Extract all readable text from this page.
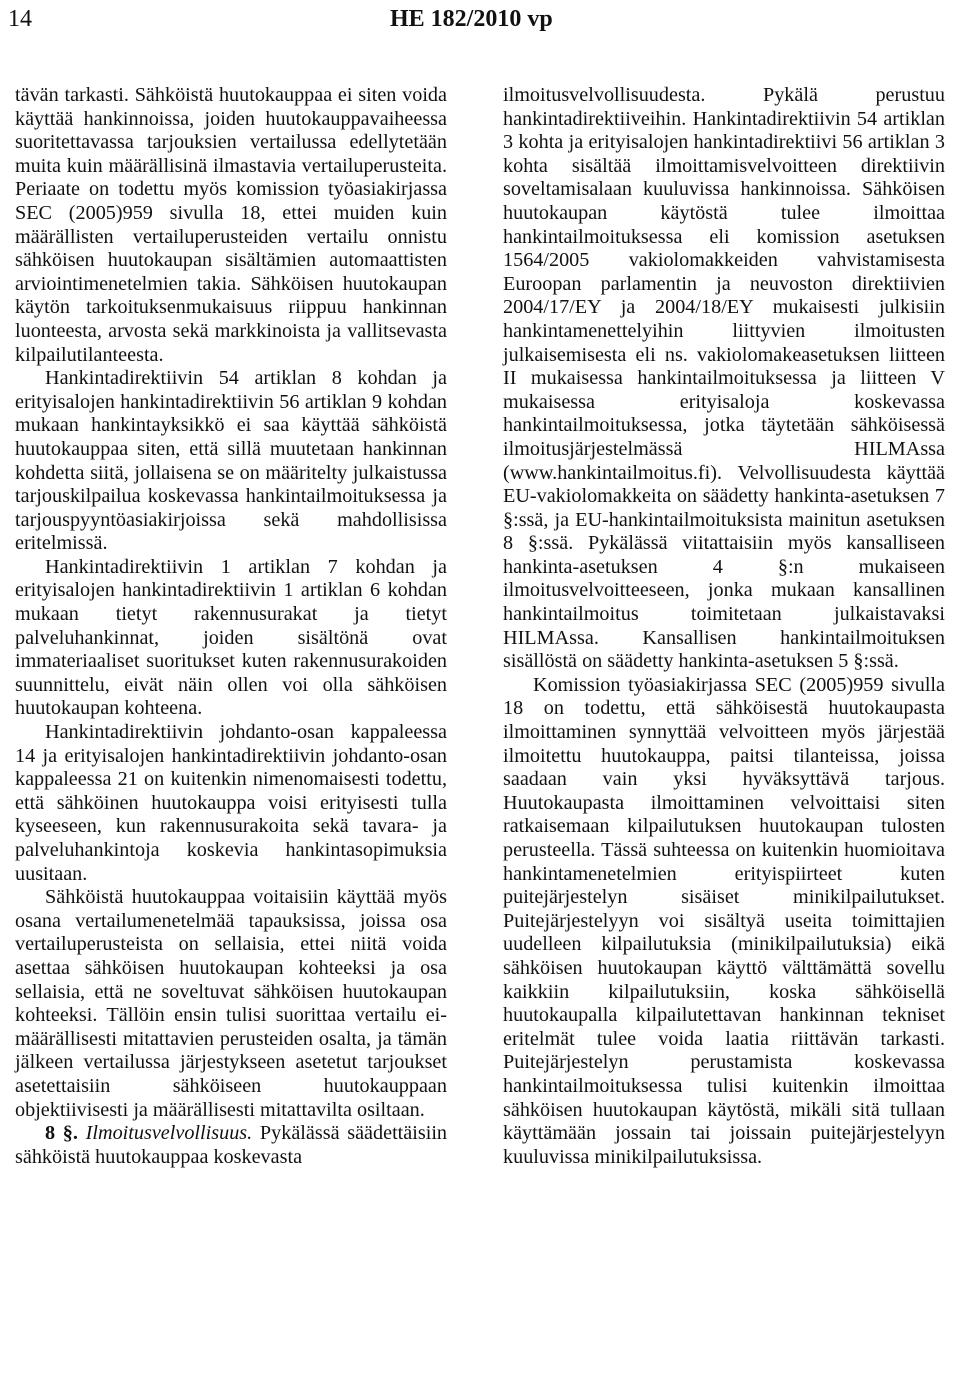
14	HE 182/2010 vp

tävän tarkasti. Sähköistä huutokauppaa ei siten voida käyttää hankinnoissa, joiden huutokauppavaiheessa suoritettavassa tarjouksien vertailussa edellytetään muita kuin määrällisinä ilmastavia vertailuperusteita. Periaate on todettu myös komission työasiakirjassa SEC (2005)959 sivulla 18, ettei muiden kuin määrällisten vertailuperusteiden vertailu onnistu sähköisen huutokaupan sisältämien automaattisten arviointimenetelmien takia. Sähköisen huutokaupan käytön tarkoituksenmukaisuus riippuu hankinnan luonteesta, arvosta sekä markkinoista ja vallitsevasta kilpailutilanteesta.

Hankintadirektiivin 54 artiklan 8 kohdan ja erityisalojen hankintadirektiivin 56 artiklan 9 kohdan mukaan hankintayksikkö ei saa käyttää sähköistä huutokauppaa siten, että sillä muutetaan hankinnan kohdetta siitä, jollaisena se on määritelty julkaistussa tarjouskilpailua koskevassa hankintailmoituksessa ja tarjouspyyntöasiakirjoissa sekä mahdollisissa eritelmissä.

Hankintadirektiivin 1 artiklan 7 kohdan ja erityisalojen hankintadirektiivin 1 artiklan 6 kohdan mukaan tietyt rakennusurakat ja tietyt palveluhankinnat, joiden sisältönä ovat immateriaaliset suoritukset kuten rakennusurakoiden suunnittelu, eivät näin ollen voi olla sähköisen huutokaupan kohteena.

Hankintadirektiivin johdanto-osan kappaleessa 14 ja erityisalojen hankintadirektiivin johdanto-osan kappaleessa 21 on kuitenkin nimenomaisesti todettu, että sähköinen huutokauppa voisi erityisesti tulla kyseeseen, kun rakennusurakoita sekä tavara- ja palveluhankintoja koskevia hankintasopimuksia uusitaan.

Sähköistä huutokauppaa voitaisiin käyttää myös osana vertailumenetelmää tapauksissa, joissa osa vertailuperusteista on sellaisia, ettei niitä voida asettaa sähköisen huutokaupan kohteeksi ja osa sellaisia, että ne soveltuvat sähköisen huutokaupan kohteeksi. Tällöin ensin tulisi suorittaa vertailu ei-määrällisesti mitattavien perusteiden osalta, ja tämän jälkeen vertailussa järjestykseen asetetut tarjoukset asetettaisiin sähköiseen huutokauppaan objektiivisesti ja määrällisesti mitattavilta osiltaan.

8 §. Ilmoitusvelvollisuus. Pykälässä säädettäisiin sähköistä huutokauppaa koskevasta

ilmoitusvelvollisuudesta. Pykälä perustuu hankintadirektiiveihin. Hankintadirektiivin 54 artiklan 3 kohta ja erityisalojen hankintadirektiivi 56 artiklan 3 kohta sisältää ilmoittamisvelvoitteen direktiivin soveltamisalaan kuuluvissa hankinnoissa. Sähköisen huutokaupan käytöstä tulee ilmoittaa hankintailmoituksessa eli komission asetuksen 1564/2005 vakiolomakkeiden vahvistamisesta Euroopan parlamentin ja neuvoston direktiivien 2004/17/EY ja 2004/18/EY mukaisesti julkisiin hankintamenettelyihin liittyvien ilmoitusten julkaisemisesta eli ns. vakiolomakeasetuksen liitteen II mukaisessa hankintailmoituksessa ja liitteen V mukaisessa erityisaloja koskevassa hankintailmoituksessa, jotka täytetään sähköisessä ilmoitusjärjestelmässä HILMAssa (www.hankintailmoitus.fi). Velvollisuudesta käyttää EU-vakiolomakkeita on säädetty hankinta-asetuksen 7 §:ssä, ja EU-hankintailmoituksista mainitun asetuksen 8 §:ssä. Pykälässä viitattaisiin myös kansalliseen hankinta-asetuksen 4 §:n mukaiseen ilmoitusvelvoitteeseen, jonka mukaan kansallinen hankintailmoitus toimitetaan julkaistavaksi HILMAssa. Kansallisen hankintailmoituksen sisällöstä on säädetty hankinta-asetuksen 5 §:ssä.

Komission työasiakirjassa SEC (2005)959 sivulla 18 on todettu, että sähköisestä huutokaupasta ilmoittaminen synnyttää velvoitteen myös järjestää ilmoitettu huutokauppa, paitsi tilanteissa, joissa saadaan vain yksi hyväksyttävä tarjous. Huutokaupasta ilmoittaminen velvoittaisi siten ratkaisemaan kilpailutuksen huutokaupan tulosten perusteella. Tässä suhteessa on kuitenkin huomioitava hankintamenetelmien erityispiirteet kuten puitejärjestelyn sisäiset minikilpailutukset. Puitejärjestelyyn voi sisältyä useita toimittajien uudelleen kilpailutuksia (minikilpailutuksia) eikä sähköisen huutokaupan käyttö välttämättä sovellu kaikkiin kilpailutuksiin, koska sähköisellä huutokaupalla kilpailutettavan hankinnan tekniset eritelmät tulee voida laatia riittävän tarkasti. Puitejärjestelyn perustamista koskevassa hankintailmoituksessa tulisi kuitenkin ilmoittaa sähköisen huutokaupan käytöstä, mikäli sitä tullaan käyttämään jossain tai joissain puitejärjestelyyn kuuluvissa minikilpailutuksissa.
